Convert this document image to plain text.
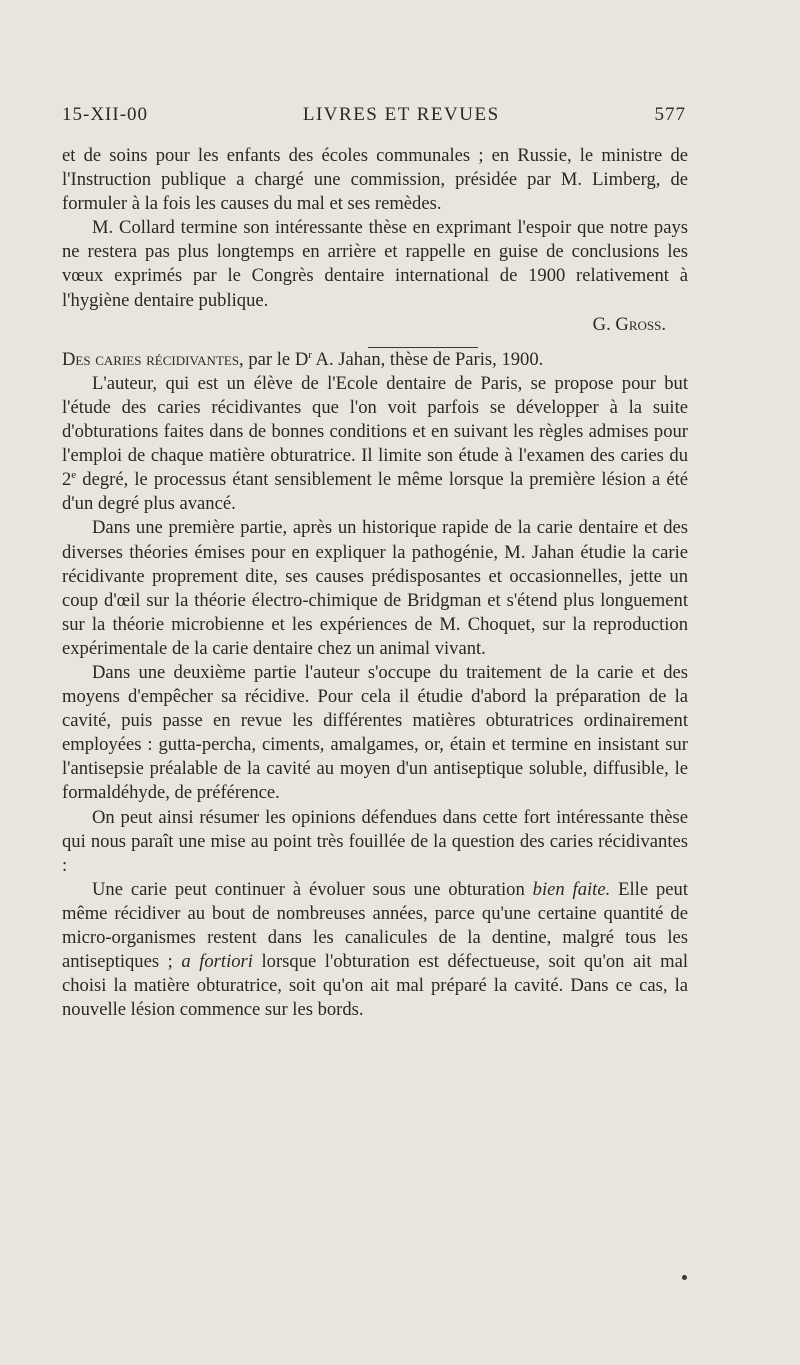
15-XII-00	LIVRES ET REVUES	577

et de soins pour les enfants des écoles communales ; en Russie, le ministre de l'Instruction publique a chargé une commission, présidée par M. Limberg, de formuler à la fois les causes du mal et ses remèdes.

M. Collard termine son intéressante thèse en exprimant l'espoir que notre pays ne restera pas plus longtemps en arrière et rappelle en guise de conclusions les vœux exprimés par le Congrès dentaire international de 1900 relativement à l'hygiène dentaire publique.

G. Gross.

Des caries récidivantes, par le $D^r$ A. Jahan, thèse de Paris, 1900.

L'auteur, qui est un élève de l'Ecole dentaire de Paris, se propose pour but l'étude des caries récidivantes que l'on voit parfois se développer à la suite d'obturations faites dans de bonnes conditions et en suivant les règles admises pour l'emploi de chaque matière obturatrice. Il limite son étude à l'examen des caries du 2e degré, le processus étant sensiblement le même lorsque la première lésion a été d'un degré plus avancé.

Dans une première partie, après un historique rapide de la carie dentaire et des diverses théories émises pour en expliquer la pathogénie, M. Jahan étudie la carie récidivante proprement dite, ses causes prédisposantes et occasionnelles, jette un coup d'œil sur la théorie électro-chimique de Bridgman et s'étend plus longuement sur la théorie microbienne et les expériences de M. Choquet, sur la reproduction expérimentale de la carie dentaire chez un animal vivant.

Dans une deuxième partie l'auteur s'occupe du traitement de la carie et des moyens d'empêcher sa récidive. Pour cela il étudie d'abord la préparation de la cavité, puis passe en revue les différentes matières obturatrices ordinairement employées : gutta-percha, ciments, amalgames, or, étain et termine en insistant sur l'antisepsie préalable de la cavité au moyen d'un antiseptique soluble, diffusible, le formaldéhyde, de préférence.

On peut ainsi résumer les opinions défendues dans cette fort intéressante thèse qui nous paraît une mise au point très fouillée de la question des caries récidivantes :

Une carie peut continuer à évoluer sous une obturation bien faite. Elle peut même récidiver au bout de nombreuses années, parce qu'une certaine quantité de micro-organismes restent dans les canalicules de la dentine, malgré tous les antiseptiques ; a fortiori lorsque l'obturation est défectueuse, soit qu'on ait mal choisi la matière obturatrice, soit qu'on ait mal préparé la cavité. Dans ce cas, la nouvelle lésion commence sur les bords.
